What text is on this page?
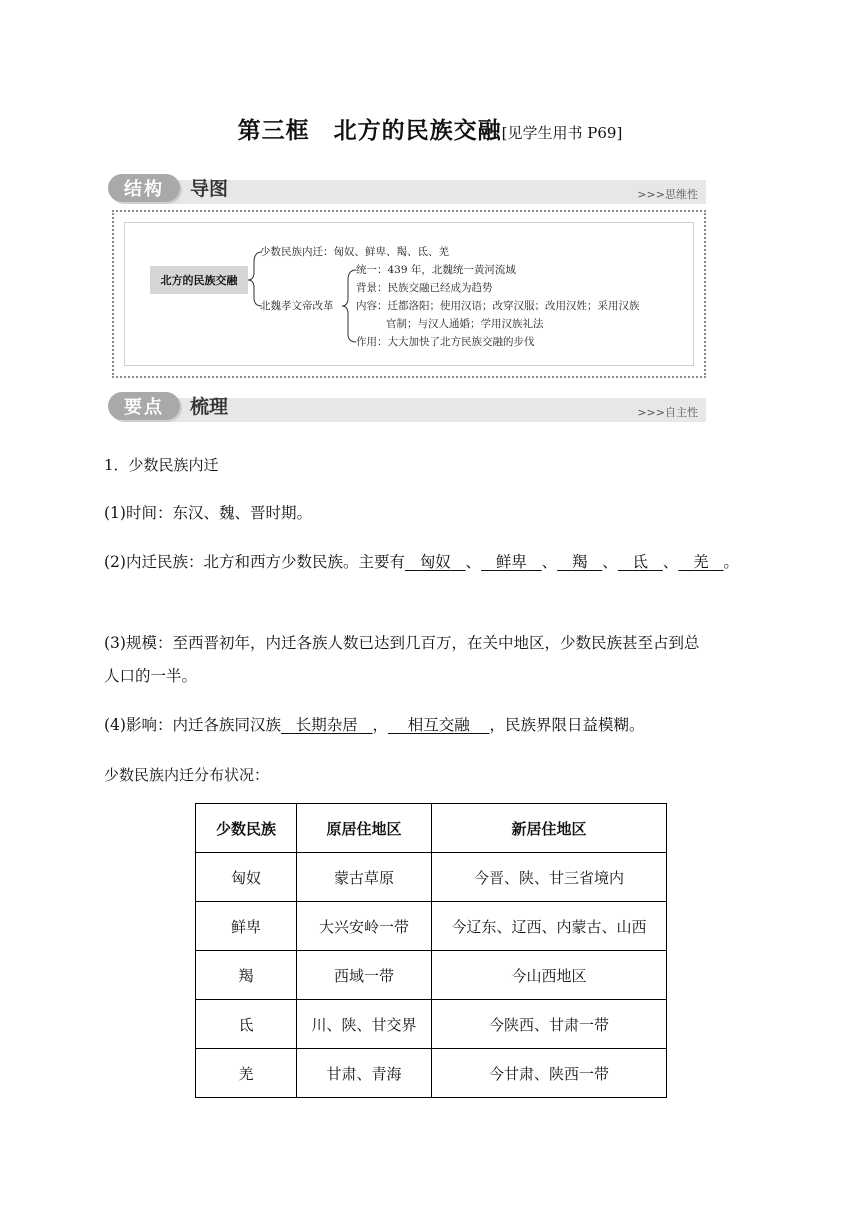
第三框　北方的民族交融[见学生用书 P69]
结构	导图	>>>思维性
北方的民族交融
少数民族内迁：匈奴、鲜卑、羯、氐、羌
北魏孝文帝改革
统一：439 年，北魏统一黄河流域
背景：民族交融已经成为趋势
内容：迁都洛阳；使用汉语；改穿汉服；改用汉姓；采用汉族
官制；与汉人通婚；学用汉族礼法
作用：大大加快了北方民族交融的步伐
要点	梳理	>>>自主性
1．少数民族内迁
(1)时间：东汉、魏、晋时期。
(2)内迁民族：北方和西方少数民族。主要有 匈奴 、 鲜卑 、 羯 、 氐 、 羌 。
(3)规模：至西晋初年，内迁各族人数已达到几百万，在关中地区，少数民族甚至占到总
人口的一半。
(4)影响：内迁各族同汉族 长期杂居 ， 相互交融 ，民族界限日益模糊。
少数民族内迁分布状况：
少数民族	原居住地区	新居住地区
匈奴	蒙古草原	今晋、陕、甘三省境内
鲜卑	大兴安岭一带	今辽东、辽西、内蒙古、山西
羯	西域一带	今山西地区
氐	川、陕、甘交界	今陕西、甘肃一带
羌	甘肃、青海	今甘肃、陕西一带
